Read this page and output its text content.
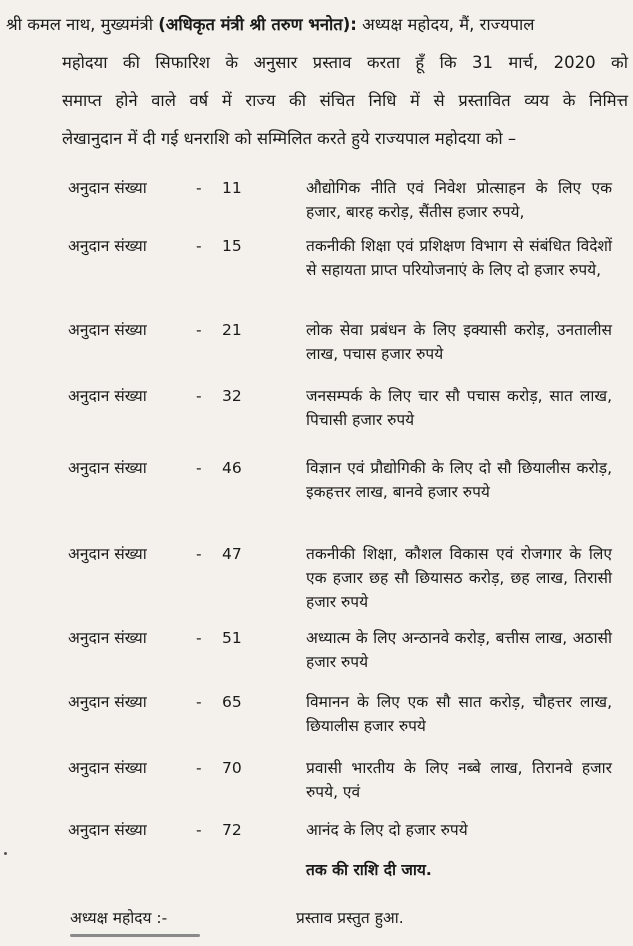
श्री कमल नाथ, मुख्यमंत्री (अधिकृत मंत्री श्री तरुण भनोत): अध्यक्ष महोदय, मैं, राज्यपाल
महोदया की सिफारिश के अनुसार प्रस्ताव करता हूँ कि 31 मार्च, 2020 को
समाप्त होने वाले वर्ष में राज्य की संचित निधि में से प्रस्तावित व्यय के निमित्त
लेखानुदान में दी गई धनराशि को सम्मिलित करते हुये राज्यपाल महोदया को –
अनुदान संख्या	- 11	औद्योगिक नीति एवं निवेश प्रोत्साहन के लिए एक हजार, बारह करोड़, सैंतीस हजार रुपये,
अनुदान संख्या	- 15	तकनीकी शिक्षा एवं प्रशिक्षण विभाग से संबंधित विदेशों से सहायता प्राप्त परियोजनाएं के लिए दो हजार रुपये,
अनुदान संख्या	- 21	लोक सेवा प्रबंधन के लिए इक्यासी करोड़, उनतालीस लाख, पचास हजार रुपये
अनुदान संख्या	- 32	जनसम्पर्क के लिए चार सौ पचास करोड़, सात लाख, पिचासी हजार रुपये
अनुदान संख्या	- 46	विज्ञान एवं प्रौद्योगिकी के लिए दो सौ छियालीस करोड़, इकहत्तर लाख, बानवे हजार रुपये
अनुदान संख्या	- 47	तकनीकी शिक्षा, कौशल विकास एवं रोजगार के लिए एक हजार छह सौ छियासठ करोड़, छह लाख, तिरासी हजार रुपये
अनुदान संख्या	- 51	अध्यात्म के लिए अन्ठानवे करोड़, बत्तीस लाख, अठासी हजार रुपये
अनुदान संख्या	- 65	विमानन के लिए एक सौ सात करोड़, चौहत्तर लाख, छियालीस हजार रुपये
अनुदान संख्या	- 70	प्रवासी भारतीय के लिए नब्बे लाख, तिरानवे हजार रुपये, एवं
अनुदान संख्या	- 72	आनंद के लिए दो हजार रुपये
तक की राशि दी जाय.
अध्यक्ष महोदय :-	प्रस्ताव प्रस्तुत हुआ.
